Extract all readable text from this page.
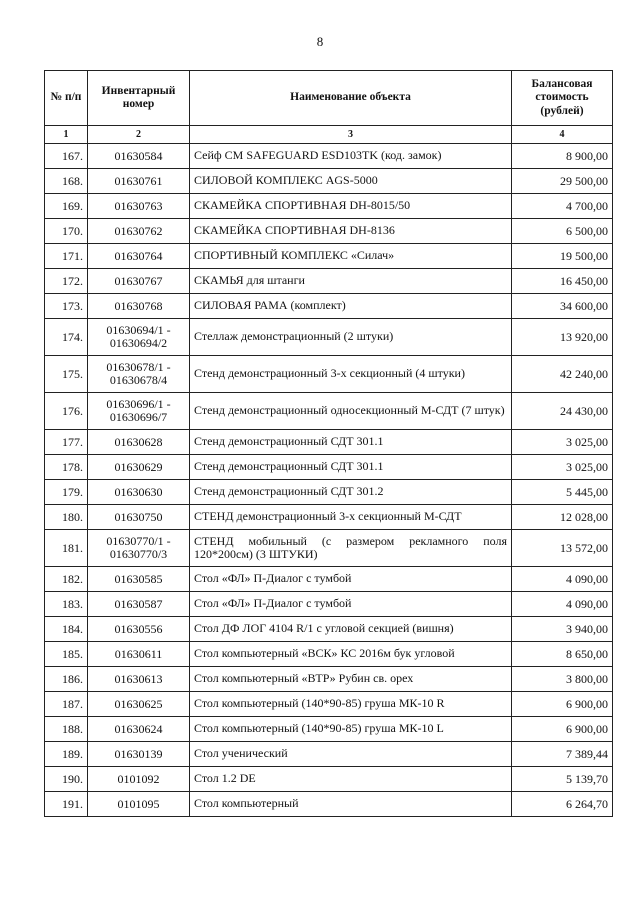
8
№ п/п	Инвентарный номер	Наименование объекта	Балансовая стоимость (рублей)
1	2	3	4
167.	01630584	Сейф CM SAFEGUARD ESD103TK (код. замок)	8 900,00
168.	01630761	СИЛОВОЙ КОМПЛЕКС AGS-5000	29 500,00
169.	01630763	СКАМЕЙКА СПОРТИВНАЯ DH-8015/50	4 700,00
170.	01630762	СКАМЕЙКА СПОРТИВНАЯ DH-8136	6 500,00
171.	01630764	СПОРТИВНЫЙ КОМПЛЕКС «Силач»	19 500,00
172.	01630767	СКАМЬЯ для штанги	16 450,00
173.	01630768	СИЛОВАЯ РАМА (комплект)	34 600,00
174.	01630694/1 - 01630694/2	Стеллаж демонстрационный (2 штуки)	13 920,00
175.	01630678/1 - 01630678/4	Стенд демонстрационный 3-х секционный (4 штуки)	42 240,00
176.	01630696/1 - 01630696/7	Стенд демонстрационный односекционный М-СДТ (7 штук)	24 430,00
177.	01630628	Стенд демонстрационный СДТ 301.1	3 025,00
178.	01630629	Стенд демонстрационный СДТ 301.1	3 025,00
179.	01630630	Стенд демонстрационный СДТ 301.2	5 445,00
180.	01630750	СТЕНД демонстрационный 3-х секционный М-СДТ	12 028,00
181.	01630770/1 - 01630770/3	СТЕНД мобильный (с размером рекламного поля 120*200см) (3 ШТУКИ)	13 572,00
182.	01630585	Стол «ФЛ» П-Диалог с тумбой	4 090,00
183.	01630587	Стол «ФЛ» П-Диалог с тумбой	4 090,00
184.	01630556	Стол ДФ ЛОГ 4104 R/1 с угловой секцией (вишня)	3 940,00
185.	01630611	Стол компьютерный «ВСК» КС 2016м бук угловой	8 650,00
186.	01630613	Стол компьютерный «ВТР» Рубин св. орех	3 800,00
187.	01630625	Стол компьютерный (140*90-85) груша МК-10 R	6 900,00
188.	01630624	Стол компьютерный (140*90-85) груша МК-10 L	6 900,00
189.	01630139	Стол ученический	7 389,44
190.	0101092	Стол 1.2 DE	5 139,70
191.	0101095	Стол компьютерный	6 264,70
